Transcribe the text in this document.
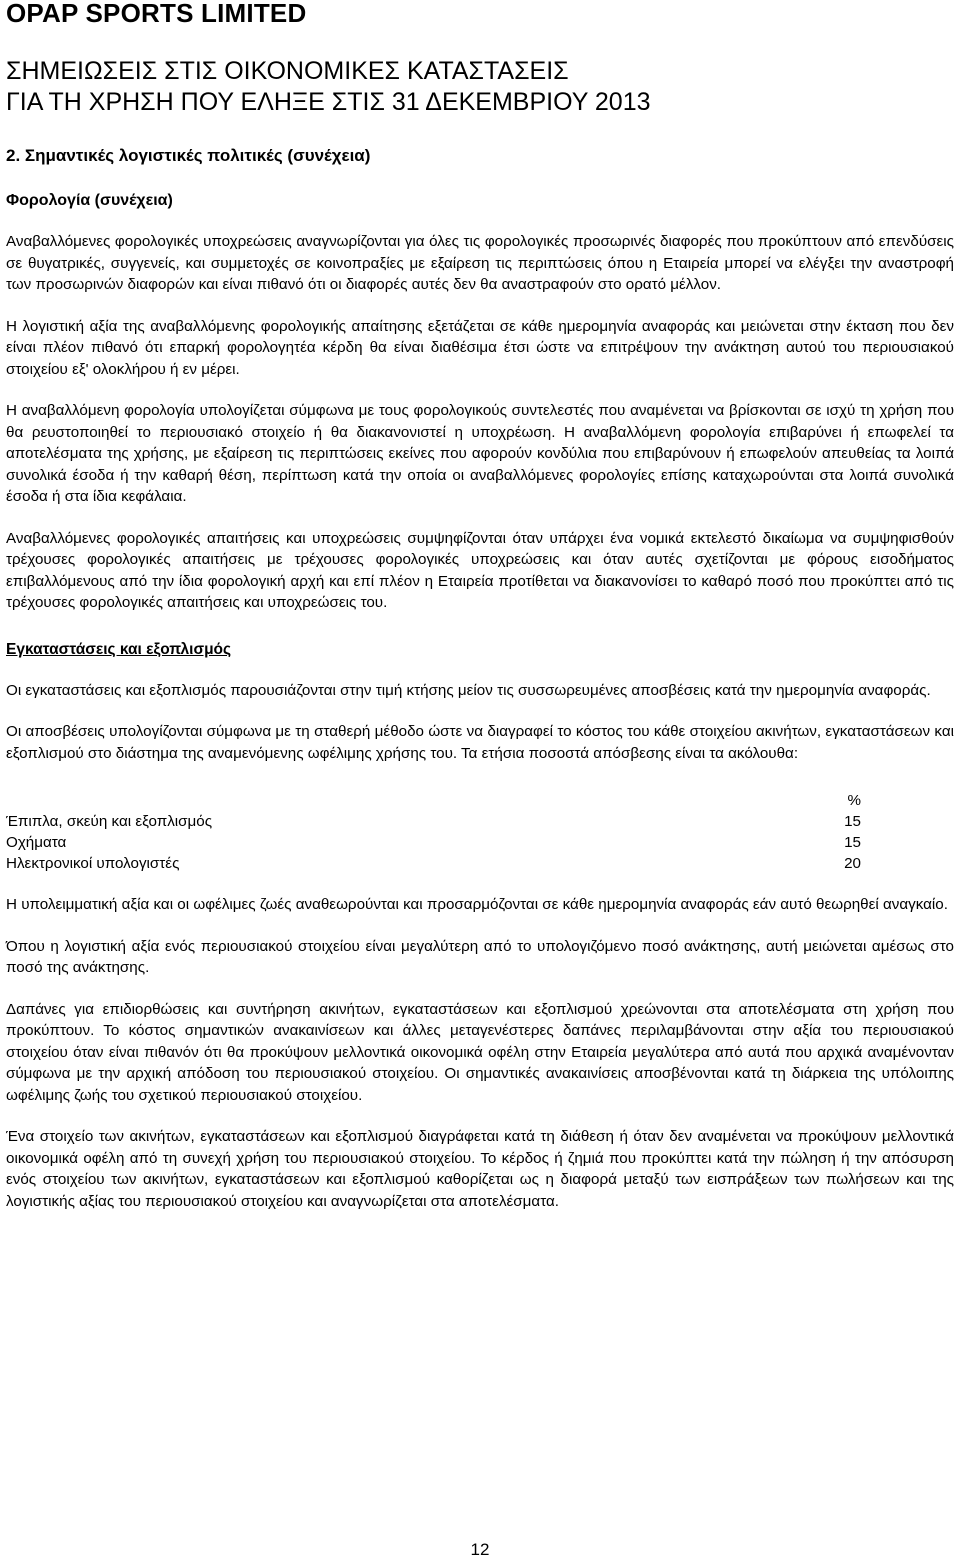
OPAP SPORTS LIMITED
ΣΗΜΕΙΩΣΕΙΣ ΣΤΙΣ ΟΙΚΟΝΟΜΙΚΕΣ ΚΑΤΑΣΤΑΣΕΙΣ
ΓΙΑ ΤΗ ΧΡΗΣΗ ΠΟΥ ΕΛΗΞΕ ΣΤΙΣ 31 ΔΕΚΕΜΒΡΙΟΥ 2013
2. Σημαντικές λογιστικές πολιτικές (συνέχεια)
Φορολογία (συνέχεια)

Αναβαλλόμενες φορολογικές υποχρεώσεις αναγνωρίζονται για όλες τις φορολογικές προσωρινές διαφορές που προκύπτουν από επενδύσεις σε θυγατρικές, συγγενείς, και συμμετοχές σε κοινοπραξίες με εξαίρεση τις περιπτώσεις όπου η Εταιρεία μπορεί να ελέγξει την αναστροφή των προσωρινών διαφορών και είναι πιθανό ότι οι διαφορές αυτές δεν θα αναστραφούν στο ορατό μέλλον.

Η λογιστική αξία της αναβαλλόμενης φορολογικής απαίτησης εξετάζεται σε κάθε ημερομηνία αναφοράς και μειώνεται στην έκταση που δεν είναι πλέον πιθανό ότι επαρκή φορολογητέα κέρδη θα είναι διαθέσιμα έτσι ώστε να επιτρέψουν την ανάκτηση αυτού του περιουσιακού στοιχείου εξ' ολοκλήρου ή εν μέρει.

Η αναβαλλόμενη φορολογία υπολογίζεται σύμφωνα με τους φορολογικούς συντελεστές που αναμένεται να βρίσκονται σε ισχύ τη χρήση που θα ρευστοποιηθεί το περιουσιακό στοιχείο ή θα διακανονιστεί η υποχρέωση. Η αναβαλλόμενη φορολογία επιβαρύνει ή επωφελεί τα αποτελέσματα της χρήσης, με εξαίρεση τις περιπτώσεις εκείνες που αφορούν κονδύλια που επιβαρύνουν ή επωφελούν απευθείας τα λοιπά συνολικά έσοδα ή την καθαρή θέση, περίπτωση κατά την οποία οι αναβαλλόμενες φορολογίες επίσης καταχωρούνται στα λοιπά συνολικά έσοδα ή στα ίδια κεφάλαια.

Αναβαλλόμενες φορολογικές απαιτήσεις και υποχρεώσεις συμψηφίζονται όταν υπάρχει ένα νομικά εκτελεστό δικαίωμα να συμψηφισθούν τρέχουσες φορολογικές απαιτήσεις με τρέχουσες φορολογικές υποχρεώσεις και όταν αυτές σχετίζονται με φόρους εισοδήματος επιβαλλόμενους από την ίδια φορολογική αρχή και επί πλέον η Εταιρεία προτίθεται να διακανονίσει το καθαρό ποσό που προκύπτει από τις τρέχουσες φορολογικές απαιτήσεις και υποχρεώσεις του.

Εγκαταστάσεις και εξοπλισμός

Οι εγκαταστάσεις και εξοπλισμός παρουσιάζονται στην τιμή κτήσης μείον τις συσσωρευμένες αποσβέσεις κατά την ημερομηνία αναφοράς.

Οι αποσβέσεις υπολογίζονται σύμφωνα με τη σταθερή μέθοδο ώστε να διαγραφεί το κόστος του κάθε στοιχείου ακινήτων, εγκαταστάσεων και εξοπλισμού στο διάστημα της αναμενόμενης ωφέλιμης χρήσης του. Τα ετήσια ποσοστά απόσβεσης είναι τα ακόλουθα:

	%
Έπιπλα, σκεύη και εξοπλισμός	15
Οχήματα	15
Ηλεκτρονικοί υπολογιστές	20

Η υπολειμματική αξία και οι ωφέλιμες ζωές αναθεωρούνται και προσαρμόζονται σε κάθε ημερομηνία αναφοράς εάν αυτό θεωρηθεί αναγκαίο.

Όπου η λογιστική αξία ενός περιουσιακού στοιχείου είναι μεγαλύτερη από το υπολογιζόμενο ποσό ανάκτησης, αυτή μειώνεται αμέσως στο ποσό της ανάκτησης.

Δαπάνες για επιδιορθώσεις και συντήρηση ακινήτων, εγκαταστάσεων και εξοπλισμού χρεώνονται στα αποτελέσματα στη χρήση που προκύπτουν. Το κόστος σημαντικών ανακαινίσεων και άλλες μεταγενέστερες δαπάνες περιλαμβάνονται στην αξία του περιουσιακού στοιχείου όταν είναι πιθανόν ότι θα προκύψουν μελλοντικά οικονομικά οφέλη στην Εταιρεία μεγαλύτερα από αυτά που αρχικά αναμένονταν σύμφωνα με την αρχική απόδοση του περιουσιακού στοιχείου. Οι σημαντικές ανακαινίσεις αποσβένονται κατά τη διάρκεια της υπόλοιπης ωφέλιμης ζωής του σχετικού περιουσιακού στοιχείου.

Ένα στοιχείο των ακινήτων, εγκαταστάσεων και εξοπλισμού διαγράφεται κατά τη διάθεση ή όταν δεν αναμένεται να προκύψουν μελλοντικά οικονομικά οφέλη από τη συνεχή χρήση του περιουσιακού στοιχείου. Το κέρδος ή ζημιά που προκύπτει κατά την πώληση ή την απόσυρση ενός στοιχείου των ακινήτων, εγκαταστάσεων και εξοπλισμού καθορίζεται ως η διαφορά μεταξύ των εισπράξεων των πωλήσεων και της λογιστικής αξίας του περιουσιακού στοιχείου και αναγνωρίζεται στα αποτελέσματα.

12
